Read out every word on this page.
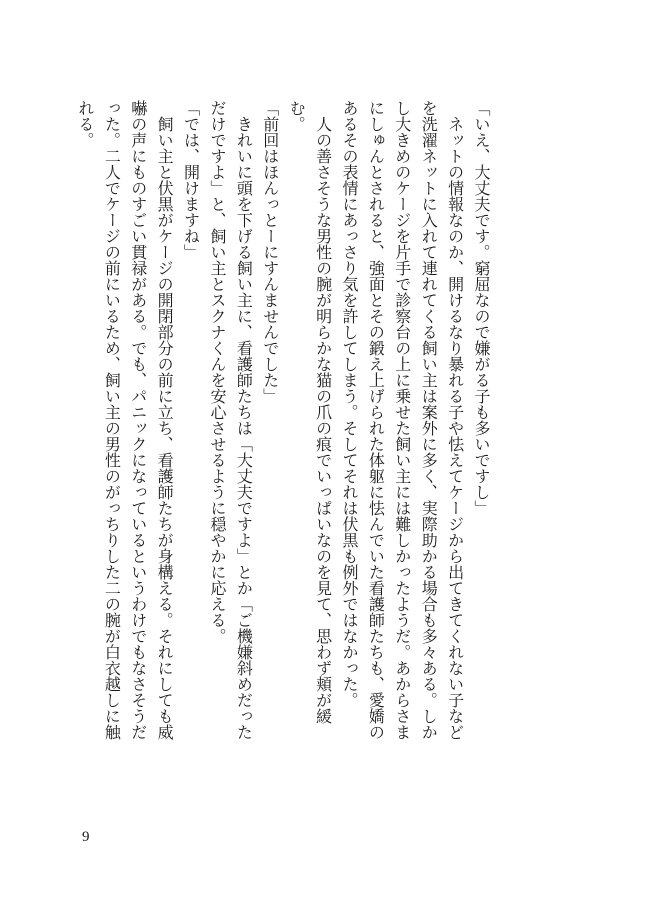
「いえ、大丈夫です。窮屈なので嫌がる子も多いですし」

　ネットの情報なのか、開けるなり暴れる子や怯えてケージから出てきてくれない子などを洗濯ネットに入れて連れてくる飼い主は案外に多く、実際助かる場合も多々ある。しかし大きめのケージを片手で診察台の上に乗せた飼い主には難しかったようだ。あからさまにしゅんとされると、強面とその鍛え上げられた体躯に怯んでいた看護師たちも、愛嬌のあるその表情にあっさり気を許してしまう。そしてそれは伏黒も例外ではなかった。

　人の善さそうな男性の腕が明らかな猫の爪の痕でいっぱいなのを見て、思わず頬が緩む。

「前回はほんっとーにすんませんでした」

　きれいに頭を下げる飼い主に、看護師たちは「大丈夫ですよ」とか「ご機嫌斜めだっただけですよ」と、飼い主とスクナくんを安心させるように穏やかに応える。

「では、開けますね」

　飼い主と伏黒がケージの開閉部分の前に立ち、看護師たちが身構える。それにしても威嚇の声にものすごい貫禄がある。でも、パニックになっているというわけでもなさそうだった。二人でケージの前にいるため、飼い主の男性のがっちりした二の腕が白衣越しに触れる。

9
